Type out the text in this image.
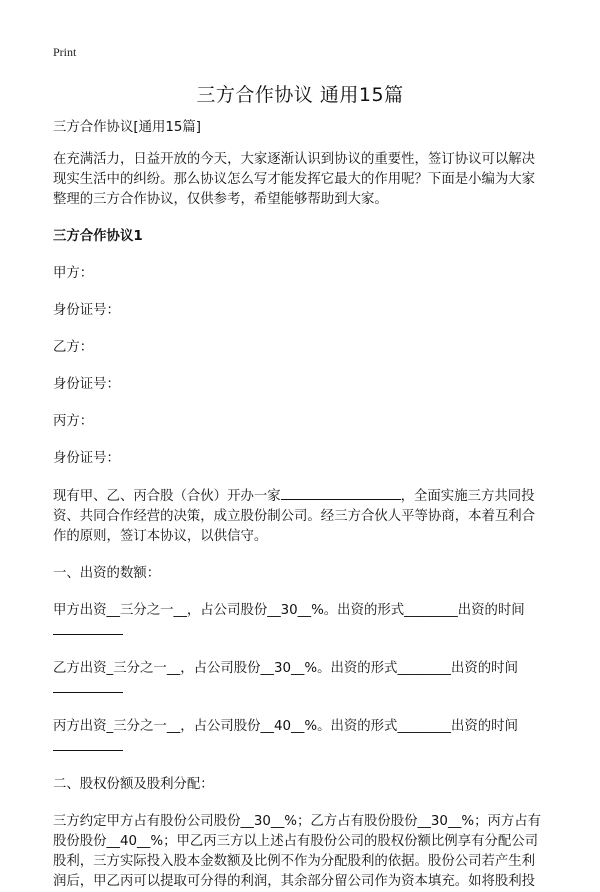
Print
三方合作协议 通用15篇

三方合作协议[通用15篇]

在充满活力，日益开放的今天，大家逐渐认识到协议的重要性，签订协议可以解决现实生活中的纠纷。那么协议怎么写才能发挥它最大的作用呢？下面是小编为大家整理的三方合作协议，仅供参考，希望能够帮助到大家。

三方合作协议1

甲方：

身份证号：

乙方：

身份证号：

丙方：

身份证号：

现有甲、乙、丙合股（合伙）开办一家	，全面实施三方共同投资、共同合作经营的决策，成立股份制公司。经三方合伙人平等协商，本着互利合作的原则，签订本协议，以供信守。

一、出资的数额：

甲方出资__三分之一__，占公司股份__30__%。出资的形式________出资的时间

乙方出资_三分之一__，占公司股份__30__%。出资的形式________出资的时间

丙方出资_三分之一__，占公司股份__40__%。出资的形式________出资的时间

二、股权份额及股利分配：

三方约定甲方占有股份公司股份__30__%；乙方占有股份股份__30__%；丙方占有股份股份__40__%；甲乙丙三方以上述占有股份公司的股权份额比例享有分配公司股利，三方实际投入股本金数额及比例不作为分配股利的依据。股份公司若产生利润后，甲乙丙可以提取可分得的利润，其余部分留公司作为资本填充。如将股利投
